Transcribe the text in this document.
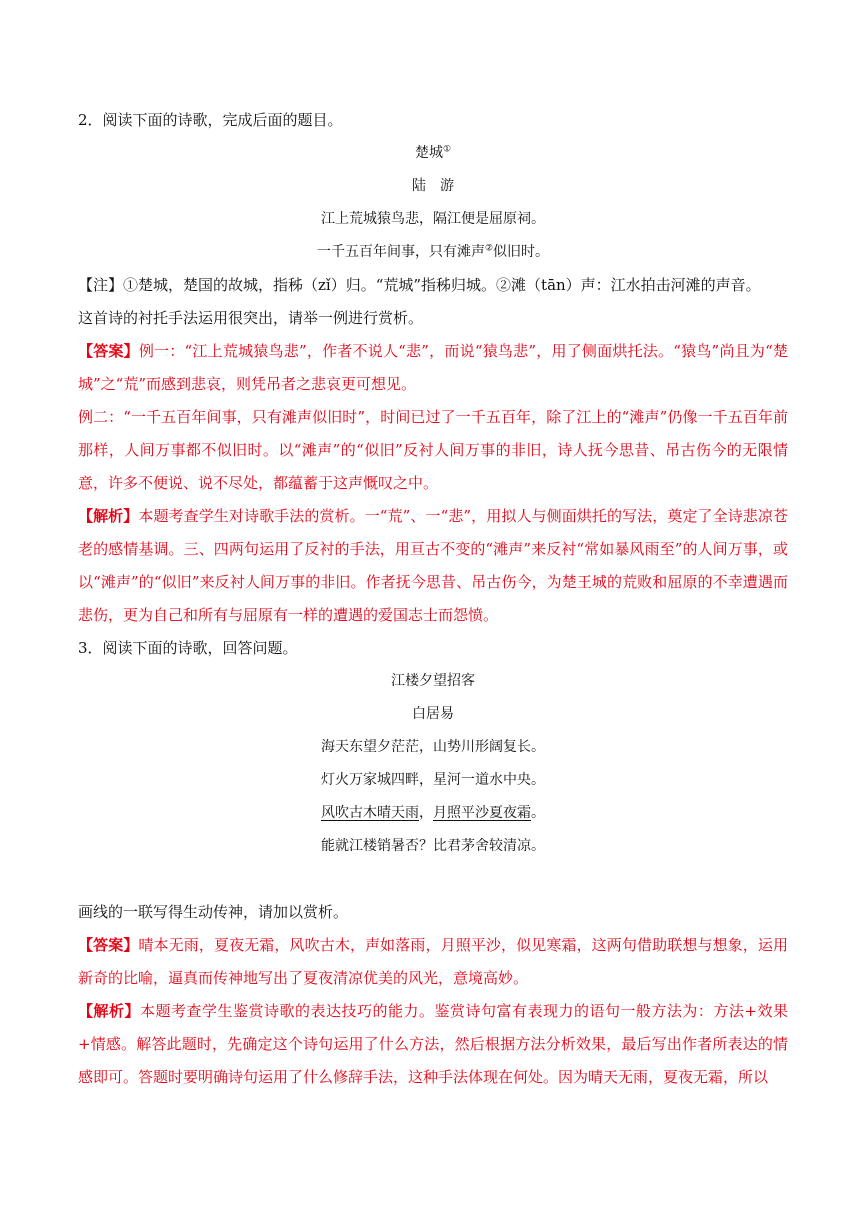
2．阅读下面的诗歌，完成后面的题目。
楚城①
陆　游
江上荒城猿鸟悲，隔江便是屈原祠。
一千五百年间事，只有滩声②似旧时。
【注】①楚城，楚国的故城，指秭（zǐ）归。“荒城”指秭归城。②滩（tān）声：江水拍击河滩的声音。
这首诗的衬托手法运用很突出，请举一例进行赏析。
【答案】例一：“江上荒城猿鸟悲”，作者不说人“悲”，而说“猿鸟悲”，用了侧面烘托法。“猿鸟”尚且为“楚城”之“荒”而感到悲哀，则凭吊者之悲哀更可想见。
例二：“一千五百年间事，只有滩声似旧时”，时间已过了一千五百年，除了江上的“滩声”仍像一千五百年前那样，人间万事都不似旧时。以“滩声”的“似旧”反衬人间万事的非旧，诗人抚今思昔、吊古伤今的无限情意，许多不便说、说不尽处，都蕴蓄于这声慨叹之中。
【解析】本题考查学生对诗歌手法的赏析。一“荒”、一“悲”，用拟人与侧面烘托的写法，奠定了全诗悲凉苍老的感情基调。三、四两句运用了反衬的手法，用亘古不变的“滩声”来反衬“常如暴风雨至”的人间万事，或以“滩声”的“似旧”来反衬人间万事的非旧。作者抚今思昔、吊古伤今，为楚王城的荒败和屈原的不幸遭遇而悲伤，更为自己和所有与屈原有一样的遭遇的爱国志士而怨愤。
3．阅读下面的诗歌，回答问题。
江楼夕望招客
白居易
海天东望夕茫茫，山势川形阔复长。
灯火万家城四畔，星河一道水中央。
风吹古木晴天雨，月照平沙夏夜霜。
能就江楼销暑否？比君茅舍较清凉。
画线的一联写得生动传神，请加以赏析。
【答案】晴本无雨，夏夜无霜，风吹古木，声如落雨，月照平沙，似见寒霜，这两句借助联想与想象，运用新奇的比喻，逼真而传神地写出了夏夜清凉优美的风光，意境高妙。
【解析】本题考查学生鉴赏诗歌的表达技巧的能力。鉴赏诗句富有表现力的语句一般方法为：方法+效果+情感。解答此题时，先确定这个诗句运用了什么方法，然后根据方法分析效果，最后写出作者所表达的情感即可。答题时要明确诗句运用了什么修辞手法，这种手法体现在何处。因为晴天无雨，夏夜无霜，所以
